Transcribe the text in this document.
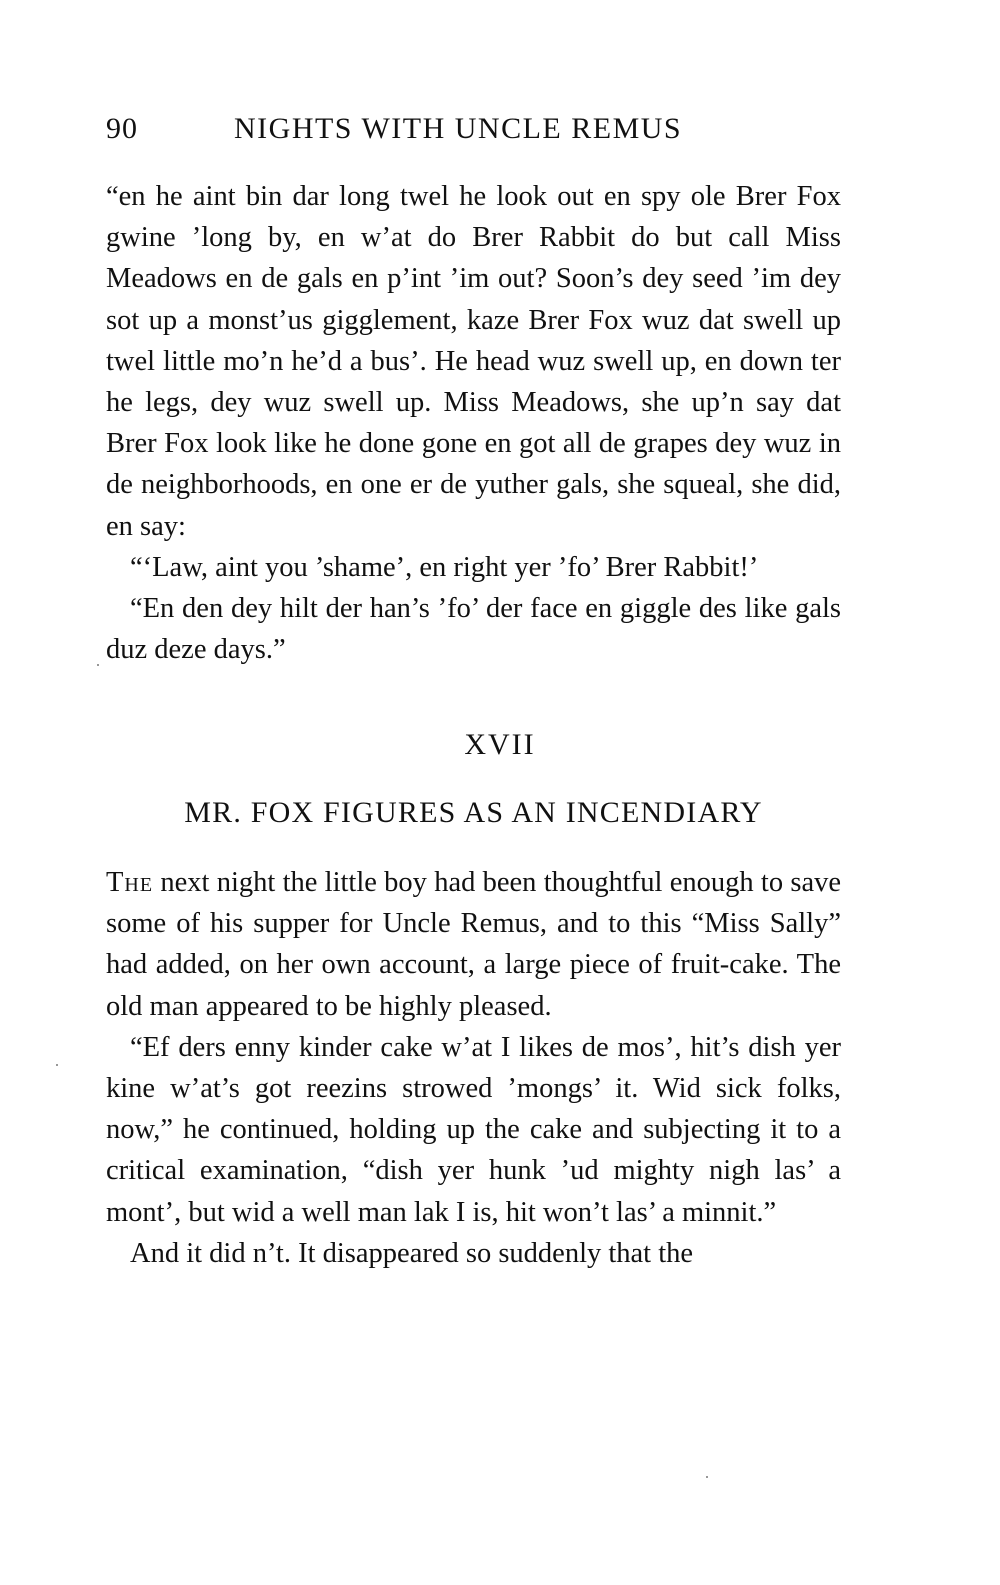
90	NIGHTS WITH UNCLE REMUS

“en he aint bin dar long twel he look out en spy ole Brer Fox gwine ’long by, en w’at do Brer Rabbit do but call Miss Meadows en de gals en p’int ’im out? Soon’s dey seed ’im dey sot up a monst’us gigglement, kaze Brer Fox wuz dat swell up twel little mo’n he’d a bus’. He head wuz swell up, en down ter he legs, dey wuz swell up. Miss Meadows, she up’n say dat Brer Fox look like he done gone en got all de grapes dey wuz in de neighborhoods, en one er de yuther gals, she squeal, she did, en say:

“‘Law, aint you ’shame’, en right yer ’fo’ Brer Rabbit!’

“En den dey hilt der han’s ’fo’ der face en giggle des like gals duz deze days.”

XVII
MR. FOX FIGURES AS AN INCENDIARY

The next night the little boy had been thoughtful enough to save some of his supper for Uncle Remus, and to this “Miss Sally” had added, on her own account, a large piece of fruit-cake. The old man appeared to be highly pleased.

“Ef ders enny kinder cake w’at I likes de mos’, hit’s dish yer kine w’at’s got reezins strowed ’mongs’ it. Wid sick folks, now,” he continued, holding up the cake and subjecting it to a critical examination, “dish yer hunk ’ud mighty nigh las’ a mont’, but wid a well man lak I is, hit won’t las’ a minnit.”

And it did n’t. It disappeared so suddenly that the
